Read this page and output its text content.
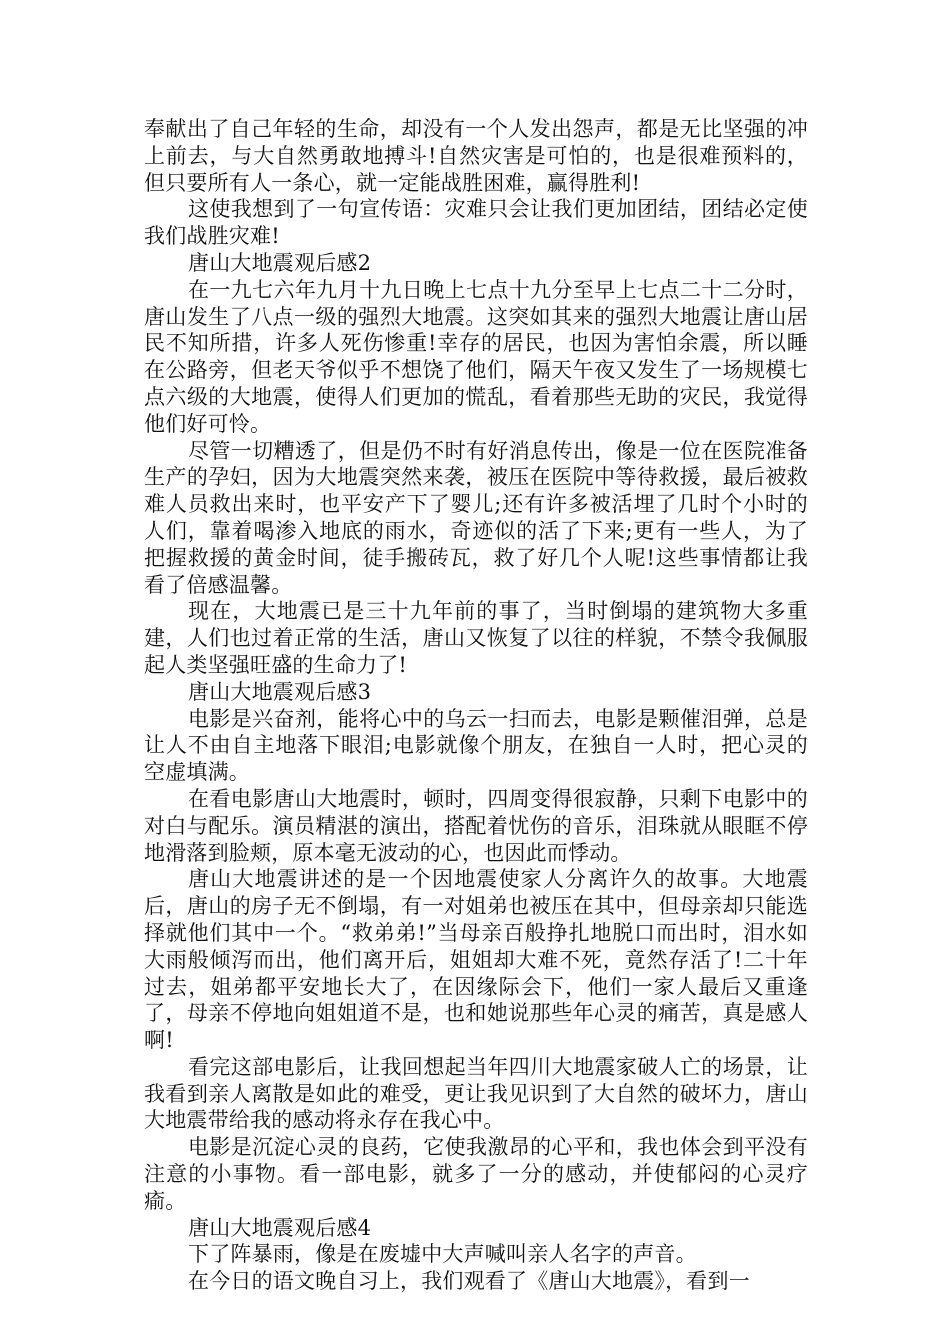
奉献出了自己年轻的生命，却没有一个人发出怨声，都是无比坚强的冲上前去，与大自然勇敢地搏斗!自然灾害是可怕的，也是很难预料的，但只要所有人一条心，就一定能战胜困难，赢得胜利!

这使我想到了一句宣传语：灾难只会让我们更加团结，团结必定使我们战胜灾难!

唐山大地震观后感2

在一九七六年九月十九日晚上七点十九分至早上七点二十二分时，唐山发生了八点一级的强烈大地震。这突如其来的强烈大地震让唐山居民不知所措，许多人死伤惨重!幸存的居民，也因为害怕余震，所以睡在公路旁，但老天爷似乎不想饶了他们，隔天午夜又发生了一场规模七点六级的大地震，使得人们更加的慌乱，看着那些无助的灾民，我觉得他们好可怜。

尽管一切糟透了，但是仍不时有好消息传出，像是一位在医院准备生产的孕妇，因为大地震突然来袭，被压在医院中等待救援，最后被救难人员救出来时，也平安产下了婴儿;还有许多被活埋了几时个小时的人们，靠着喝渗入地底的雨水，奇迹似的活了下来;更有一些人，为了把握救援的黄金时间，徒手搬砖瓦，救了好几个人呢!这些事情都让我看了倍感温馨。

现在，大地震已是三十九年前的事了，当时倒塌的建筑物大多重建，人们也过着正常的生活，唐山又恢复了以往的样貌，不禁令我佩服起人类坚强旺盛的生命力了!

唐山大地震观后感3

电影是兴奋剂，能将心中的乌云一扫而去，电影是颗催泪弹，总是让人不由自主地落下眼泪;电影就像个朋友，在独自一人时，把心灵的空虚填满。

在看电影唐山大地震时，顿时，四周变得很寂静，只剩下电影中的对白与配乐。演员精湛的演出，搭配着忧伤的音乐，泪珠就从眼眶不停地滑落到脸颊，原本毫无波动的心，也因此而悸动。

唐山大地震讲述的是一个因地震使家人分离许久的故事。大地震后，唐山的房子无不倒塌，有一对姐弟也被压在其中，但母亲却只能选择就他们其中一个。“救弟弟!”当母亲百般挣扎地脱口而出时，泪水如大雨般倾泻而出，他们离开后，姐姐却大难不死，竟然存活了!二十年过去，姐弟都平安地长大了，在因缘际会下，他们一家人最后又重逢了，母亲不停地向姐姐道不是，也和她说那些年心灵的痛苦，真是感人啊!

看完这部电影后，让我回想起当年四川大地震家破人亡的场景，让我看到亲人离散是如此的难受，更让我见识到了大自然的破坏力，唐山大地震带给我的感动将永存在我心中。

电影是沉淀心灵的良药，它使我激昂的心平和，我也体会到平没有注意的小事物。看一部电影，就多了一分的感动，并使郁闷的心灵疗瘉。

唐山大地震观后感4

下了阵暴雨，像是在废墟中大声喊叫亲人名字的声音。

在今日的语文晚自习上，我们观看了《唐山大地震》，看到一
